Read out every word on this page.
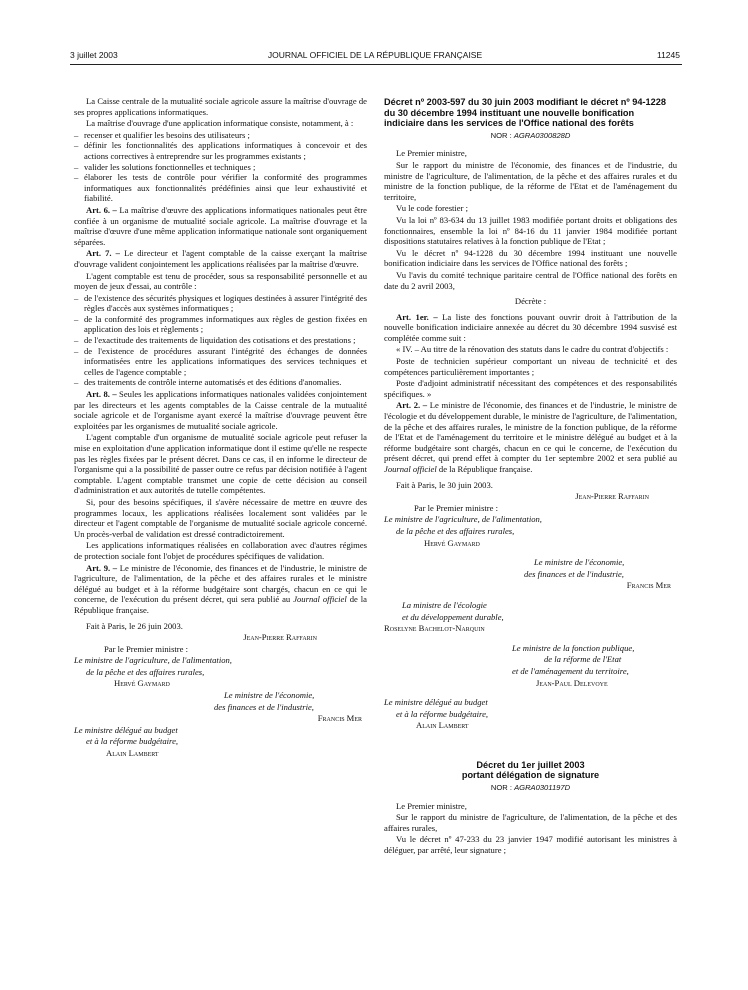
3 juillet 2003	JOURNAL OFFICIEL DE LA RÉPUBLIQUE FRANÇAISE	11245

La Caisse centrale de la mutualité sociale agricole assure la maîtrise d'ouvrage de ses propres applications informatiques.

La maîtrise d'ouvrage d'une application informatique consiste, notamment, à :

– recenser et qualifier les besoins des utilisateurs ;
– définir les fonctionnalités des applications informatiques à concevoir et des actions correctives à entreprendre sur les programmes existants ;
– valider les solutions fonctionnelles et techniques ;
– élaborer les tests de contrôle pour vérifier la conformité des programmes informatiques aux fonctionnalités prédéfinies ainsi que leur exhaustivité et fiabilité.

Art. 6. – La maîtrise d'œuvre des applications informatiques nationales peut être confiée à un organisme de mutualité sociale agricole. La maîtrise d'ouvrage et la maîtrise d'œuvre d'une même application informatique nationale sont organiquement séparées.

Art. 7. – Le directeur et l'agent comptable de la caisse exerçant la maîtrise d'ouvrage valident conjointement les applications réalisées par la maîtrise d'œuvre.

L'agent comptable est tenu de procéder, sous sa responsabilité personnelle et au moyen de jeux d'essai, au contrôle :

– de l'existence des sécurités physiques et logiques destinées à assurer l'intégrité des règles d'accès aux systèmes informatiques ;
– de la conformité des programmes informatiques aux règles de gestion fixées en application des lois et règlements ;
– de l'exactitude des traitements de liquidation des cotisations et des prestations ;
– de l'existence de procédures assurant l'intégrité des échanges de données informatisées entre les applications informatiques des services techniques et celles de l'agence comptable ;
– des traitements de contrôle interne automatisés et des éditions d'anomalies.

Art. 8. – Seules les applications informatiques nationales validées conjointement par les directeurs et les agents comptables de la Caisse centrale de la mutualité sociale agricole et de l'organisme ayant exercé la maîtrise d'ouvrage peuvent être exploitées par les organismes de mutualité sociale agricole.

L'agent comptable d'un organisme de mutualité sociale agricole peut refuser la mise en exploitation d'une application informatique dont il estime qu'elle ne respecte pas les règles fixées par le présent décret. Dans ce cas, il en informe le directeur de l'organisme qui a la possibilité de passer outre ce refus par décision notifiée à l'agent comptable. L'agent comptable transmet une copie de cette décision au conseil d'administration et aux autorités de tutelle compétentes.

Si, pour des besoins spécifiques, il s'avère nécessaire de mettre en œuvre des programmes locaux, les applications réalisées localement sont validées par le directeur et l'agent comptable de l'organisme de mutualité sociale agricole concerné. Un procès-verbal de validation est dressé contradictoirement.

Les applications informatiques réalisées en collaboration avec d'autres régimes de protection sociale font l'objet de procédures spécifiques de validation.

Art. 9. – Le ministre de l'économie, des finances et de l'industrie, le ministre de l'agriculture, de l'alimentation, de la pêche et des affaires rurales et le ministre délégué au budget et à la réforme budgétaire sont chargés, chacun en ce qui le concerne, de l'exécution du présent décret, qui sera publié au Journal officiel de la République française.

Fait à Paris, le 26 juin 2003.

Jean-Pierre Raffarin

Par le Premier ministre :

Le ministre de l'agriculture, de l'alimentation,

de la pêche et des affaires rurales,

Hervé Gaymard

Le ministre de l'économie,

des finances et de l'industrie,

Francis Mer

Le ministre délégué au budget

et à la réforme budgétaire,

Alain Lambert

Décret nº 2003-597 du 30 juin 2003 modifiant le décret nº 94-1228 du 30 décembre 1994 instituant une nouvelle bonification indiciaire dans les services de l'Office national des forêts
NOR : AGRA0300828D

Le Premier ministre,

Sur le rapport du ministre de l'économie, des finances et de l'industrie, du ministre de l'agriculture, de l'alimentation, de la pêche et des affaires rurales et du ministre de la fonction publique, de la réforme de l'Etat et de l'aménagement du territoire,

Vu le code forestier ;

Vu la loi nº 83-634 du 13 juillet 1983 modifiée portant droits et obligations des fonctionnaires, ensemble la loi nº 84-16 du 11 janvier 1984 modifiée portant dispositions statutaires relatives à la fonction publique de l'Etat ;

Vu le décret nº 94-1228 du 30 décembre 1994 instituant une nouvelle bonification indiciaire dans les services de l'Office national des forêts ;

Vu l'avis du comité technique paritaire central de l'Office national des forêts en date du 2 avril 2003,

Décrète :

Art. 1er. – La liste des fonctions pouvant ouvrir droit à l'attribution de la nouvelle bonification indiciaire annexée au décret du 30 décembre 1994 susvisé est complétée comme suit :

« IV. – Au titre de la rénovation des statuts dans le cadre du contrat d'objectifs :

Poste de technicien supérieur comportant un niveau de technicité et des compétences particulièrement importantes ;

Poste d'adjoint administratif nécessitant des compétences et des responsabilités spécifiques. »

Art. 2. – Le ministre de l'économie, des finances et de l'industrie, le ministre de l'écologie et du développement durable, le ministre de l'agriculture, de l'alimentation, de la pêche et des affaires rurales, le ministre de la fonction publique, de la réforme de l'Etat et de l'aménagement du territoire et le ministre délégué au budget et à la réforme budgétaire sont chargés, chacun en ce qui le concerne, de l'exécution du présent décret, qui prend effet à compter du 1er septembre 2002 et sera publié au Journal officiel de la République française.

Fait à Paris, le 30 juin 2003.

Jean-Pierre Raffarin

Par le Premier ministre :

Le ministre de l'agriculture, de l'alimentation,

de la pêche et des affaires rurales,

Hervé Gaymard

Le ministre de l'économie,

des finances et de l'industrie,

Francis Mer

La ministre de l'écologie

et du développement durable,

Roselyne Bachelot-Narquin

Le ministre de la fonction publique,

de la réforme de l'Etat

et de l'aménagement du territoire,

Jean-Paul Delevoye

Le ministre délégué au budget

et à la réforme budgétaire,

Alain Lambert

Décret du 1er juillet 2003
portant délégation de signature
NOR : AGRA0301197D

Le Premier ministre,

Sur le rapport du ministre de l'agriculture, de l'alimentation, de la pêche et des affaires rurales,

Vu le décret nº 47-233 du 23 janvier 1947 modifié autorisant les ministres à déléguer, par arrêté, leur signature ;
